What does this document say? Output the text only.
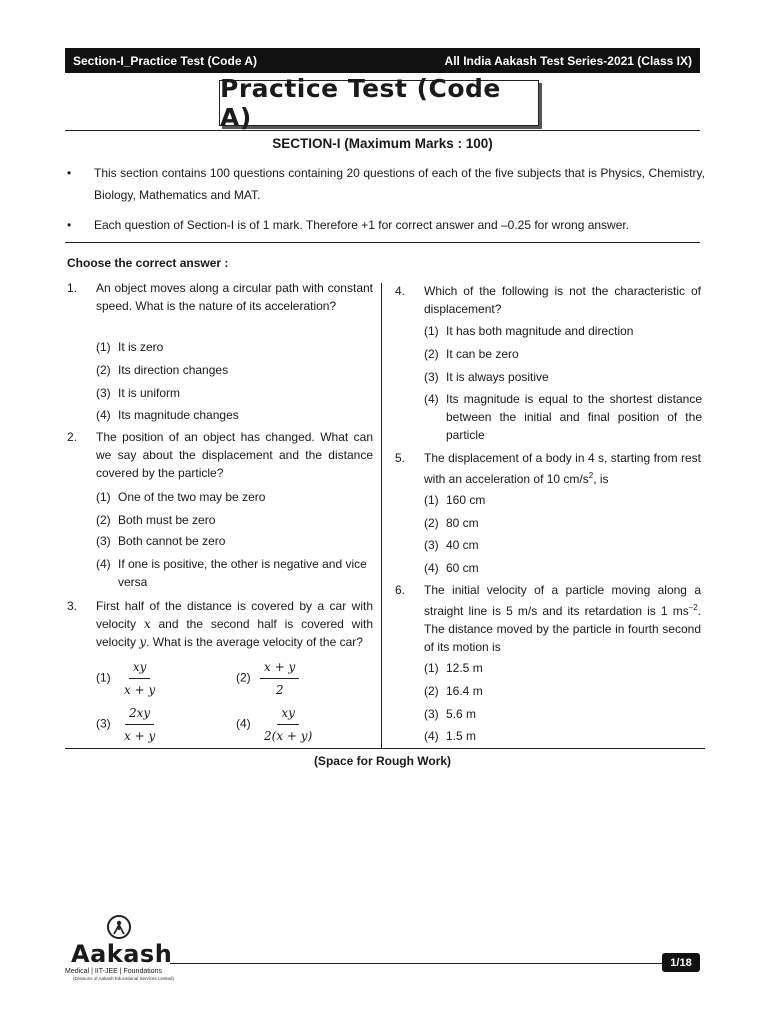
Section-I_Practice Test (Code A)	All India Aakash Test Series-2021 (Class IX)
Practice Test (Code A)
SECTION-I (Maximum Marks : 100)
• This section contains 100 questions containing 20 questions of each of the five subjects that is Physics, Chemistry, Biology, Mathematics and MAT.
• Each question of Section-I is of 1 mark. Therefore +1 for correct answer and –0.25 for wrong answer.
Choose the correct answer :
1. An object moves along a circular path with constant speed. What is the nature of its acceleration?
(1) It is zero
(2) Its direction changes
(3) It is uniform
(4) Its magnitude changes
2. The position of an object has changed. What can we say about the displacement and the distance covered by the particle?
(1) One of the two may be zero
(2) Both must be zero
(3) Both cannot be zero
(4) If one is positive, the other is negative and vice versa
3. First half of the distance is covered by a car with velocity x and the second half is covered with velocity y. What is the average velocity of the car?
$(1) \frac{xy}{x + y}$	$(2) \frac{x + y}{2}$
$(3) \frac{2xy}{x + y}$	$(4) \frac{xy}{2(x + y)}$
4. Which of the following is not the characteristic of displacement?
(1) It has both magnitude and direction
(2) It can be zero
(3) It is always positive
(4) Its magnitude is equal to the shortest distance between the initial and final position of the particle
5. The displacement of a body in 4 s, starting from rest with an acceleration of 10 $cm/s^2$, is
(1) 160 cm
(2) 80 cm
(3) 40 cm
(4) 60 cm
6. The initial velocity of a particle moving along a straight line is 5 m/s and its retardation is 1 $ms^{-2}$. The distance moved by the particle in fourth second of its motion is
(1) 12.5 m
(2) 16.4 m
(3) 5.6 m
(4) 1.5 m
(Space for Rough Work)
Aakash
Medical | IIT-JEE | Foundations
(Divisions of Aakash Educational Services Limited)
1/18
